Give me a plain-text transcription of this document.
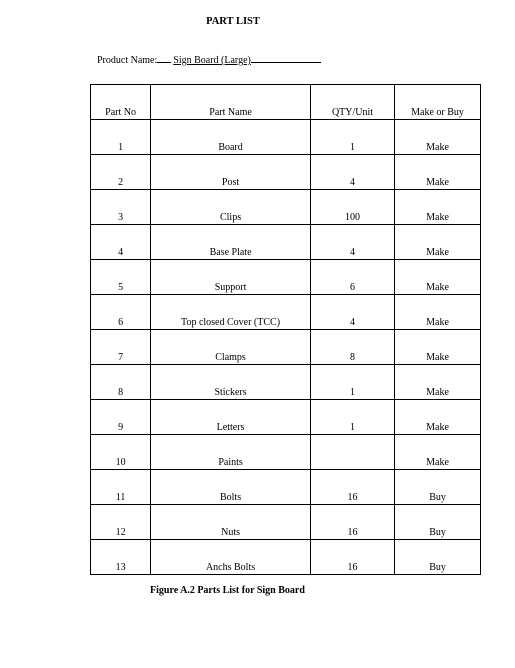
PART LIST
Product Name: Sign Board (Large)
Part No	Part Name	QTY/Unit	Make or Buy
1	Board	1	Make
2	Post	4	Make
3	Clips	100	Make
4	Base Plate	4	Make
5	Support	6	Make
6	Top closed Cover (TCC)	4	Make
7	Clamps	8	Make
8	Stickers	1	Make
9	Letters	1	Make
10	Paints		Make
11	Bolts	16	Buy
12	Nuts	16	Buy
13	Anchs Bolts	16	Buy
Figure A.2 Parts List for Sign Board
